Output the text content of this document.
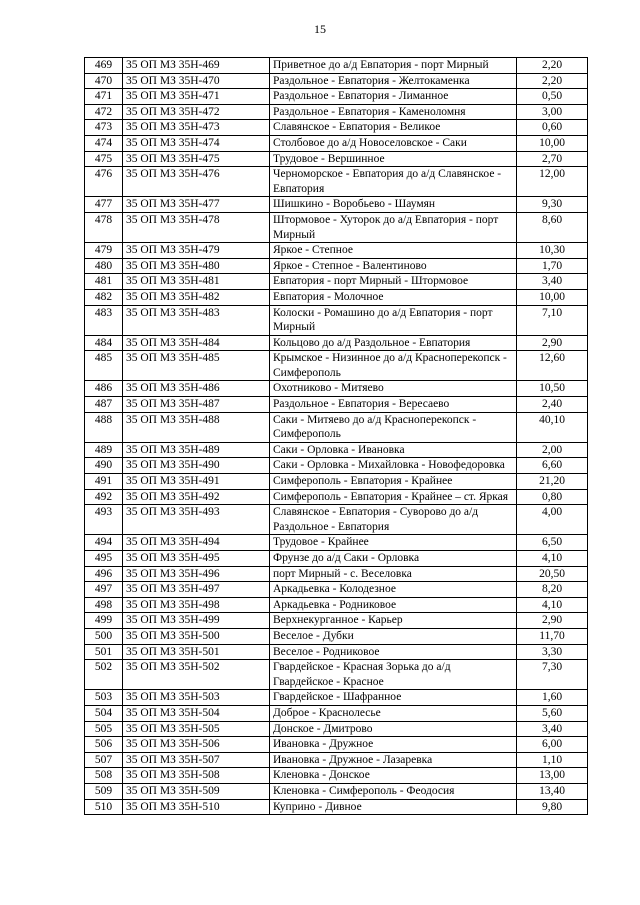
15
469	35 ОП МЗ 35Н-469	Приветное до а/д Евпатория - порт Мирный	2,20
470	35 ОП МЗ 35Н-470	Раздольное - Евпатория - Желтокаменка	2,20
471	35 ОП МЗ 35Н-471	Раздольное - Евпатория - Лиманное	0,50
472	35 ОП МЗ 35Н-472	Раздольное - Евпатория - Каменоломня	3,00
473	35 ОП МЗ 35Н-473	Славянское - Евпатория - Великое	0,60
474	35 ОП МЗ 35Н-474	Столбовое до а/д Новоселовское - Саки	10,00
475	35 ОП МЗ 35Н-475	Трудовое - Вершинное	2,70
476	35 ОП МЗ 35Н-476	Черноморское - Евпатория до а/д Славянское - Евпатория	12,00
477	35 ОП МЗ 35Н-477	Шишкино - Воробьево - Шаумян	9,30
478	35 ОП МЗ 35Н-478	Штормовое - Хуторок до а/д Евпатория - порт Мирный	8,60
479	35 ОП МЗ 35Н-479	Яркое - Степное	10,30
480	35 ОП МЗ 35Н-480	Яркое - Степное - Валентиново	1,70
481	35 ОП МЗ 35Н-481	Евпатория - порт Мирный - Штормовое	3,40
482	35 ОП МЗ 35Н-482	Евпатория - Молочное	10,00
483	35 ОП МЗ 35Н-483	Колоски - Ромашино до а/д Евпатория - порт Мирный	7,10
484	35 ОП МЗ 35Н-484	Кольцово до а/д Раздольное - Евпатория	2,90
485	35 ОП МЗ 35Н-485	Крымское - Низинное до а/д Красноперекопск - Симферополь	12,60
486	35 ОП МЗ 35Н-486	Охотниково - Митяево	10,50
487	35 ОП МЗ 35Н-487	Раздольное - Евпатория - Вересаево	2,40
488	35 ОП МЗ 35Н-488	Саки - Митяево до а/д Красноперекопск - Симферополь	40,10
489	35 ОП МЗ 35Н-489	Саки - Орловка - Ивановка	2,00
490	35 ОП МЗ 35Н-490	Саки - Орловка - Михайловка - Новофедоровка	6,60
491	35 ОП МЗ 35Н-491	Симферополь - Евпатория - Крайнее	21,20
492	35 ОП МЗ 35Н-492	Симферополь - Евпатория - Крайнее – ст. Яркая	0,80
493	35 ОП МЗ 35Н-493	Славянское - Евпатория - Суворово до а/д Раздольное - Евпатория	4,00
494	35 ОП МЗ 35Н-494	Трудовое - Крайнее	6,50
495	35 ОП МЗ 35Н-495	Фрунзе до а/д Саки - Орловка	4,10
496	35 ОП МЗ 35Н-496	порт Мирный - с. Веселовка	20,50
497	35 ОП МЗ 35Н-497	Аркадьевка - Колодезное	8,20
498	35 ОП МЗ 35Н-498	Аркадьевка - Родниковое	4,10
499	35 ОП МЗ 35Н-499	Верхнекурганное - Карьер	2,90
500	35 ОП МЗ 35Н-500	Веселое - Дубки	11,70
501	35 ОП МЗ 35Н-501	Веселое - Родниковое	3,30
502	35 ОП МЗ 35Н-502	Гвардейское - Красная Зорька до а/д Гвардейское - Красное	7,30
503	35 ОП МЗ 35Н-503	Гвардейское - Шафранное	1,60
504	35 ОП МЗ 35Н-504	Доброе - Краснолесье	5,60
505	35 ОП МЗ 35Н-505	Донское - Дмитрово	3,40
506	35 ОП МЗ 35Н-506	Ивановка - Дружное	6,00
507	35 ОП МЗ 35Н-507	Ивановка - Дружное - Лазаревка	1,10
508	35 ОП МЗ 35Н-508	Кленовка - Донское	13,00
509	35 ОП МЗ 35Н-509	Кленовка - Симферополь - Феодосия	13,40
510	35 ОП МЗ 35Н-510	Куприно - Дивное	9,80
